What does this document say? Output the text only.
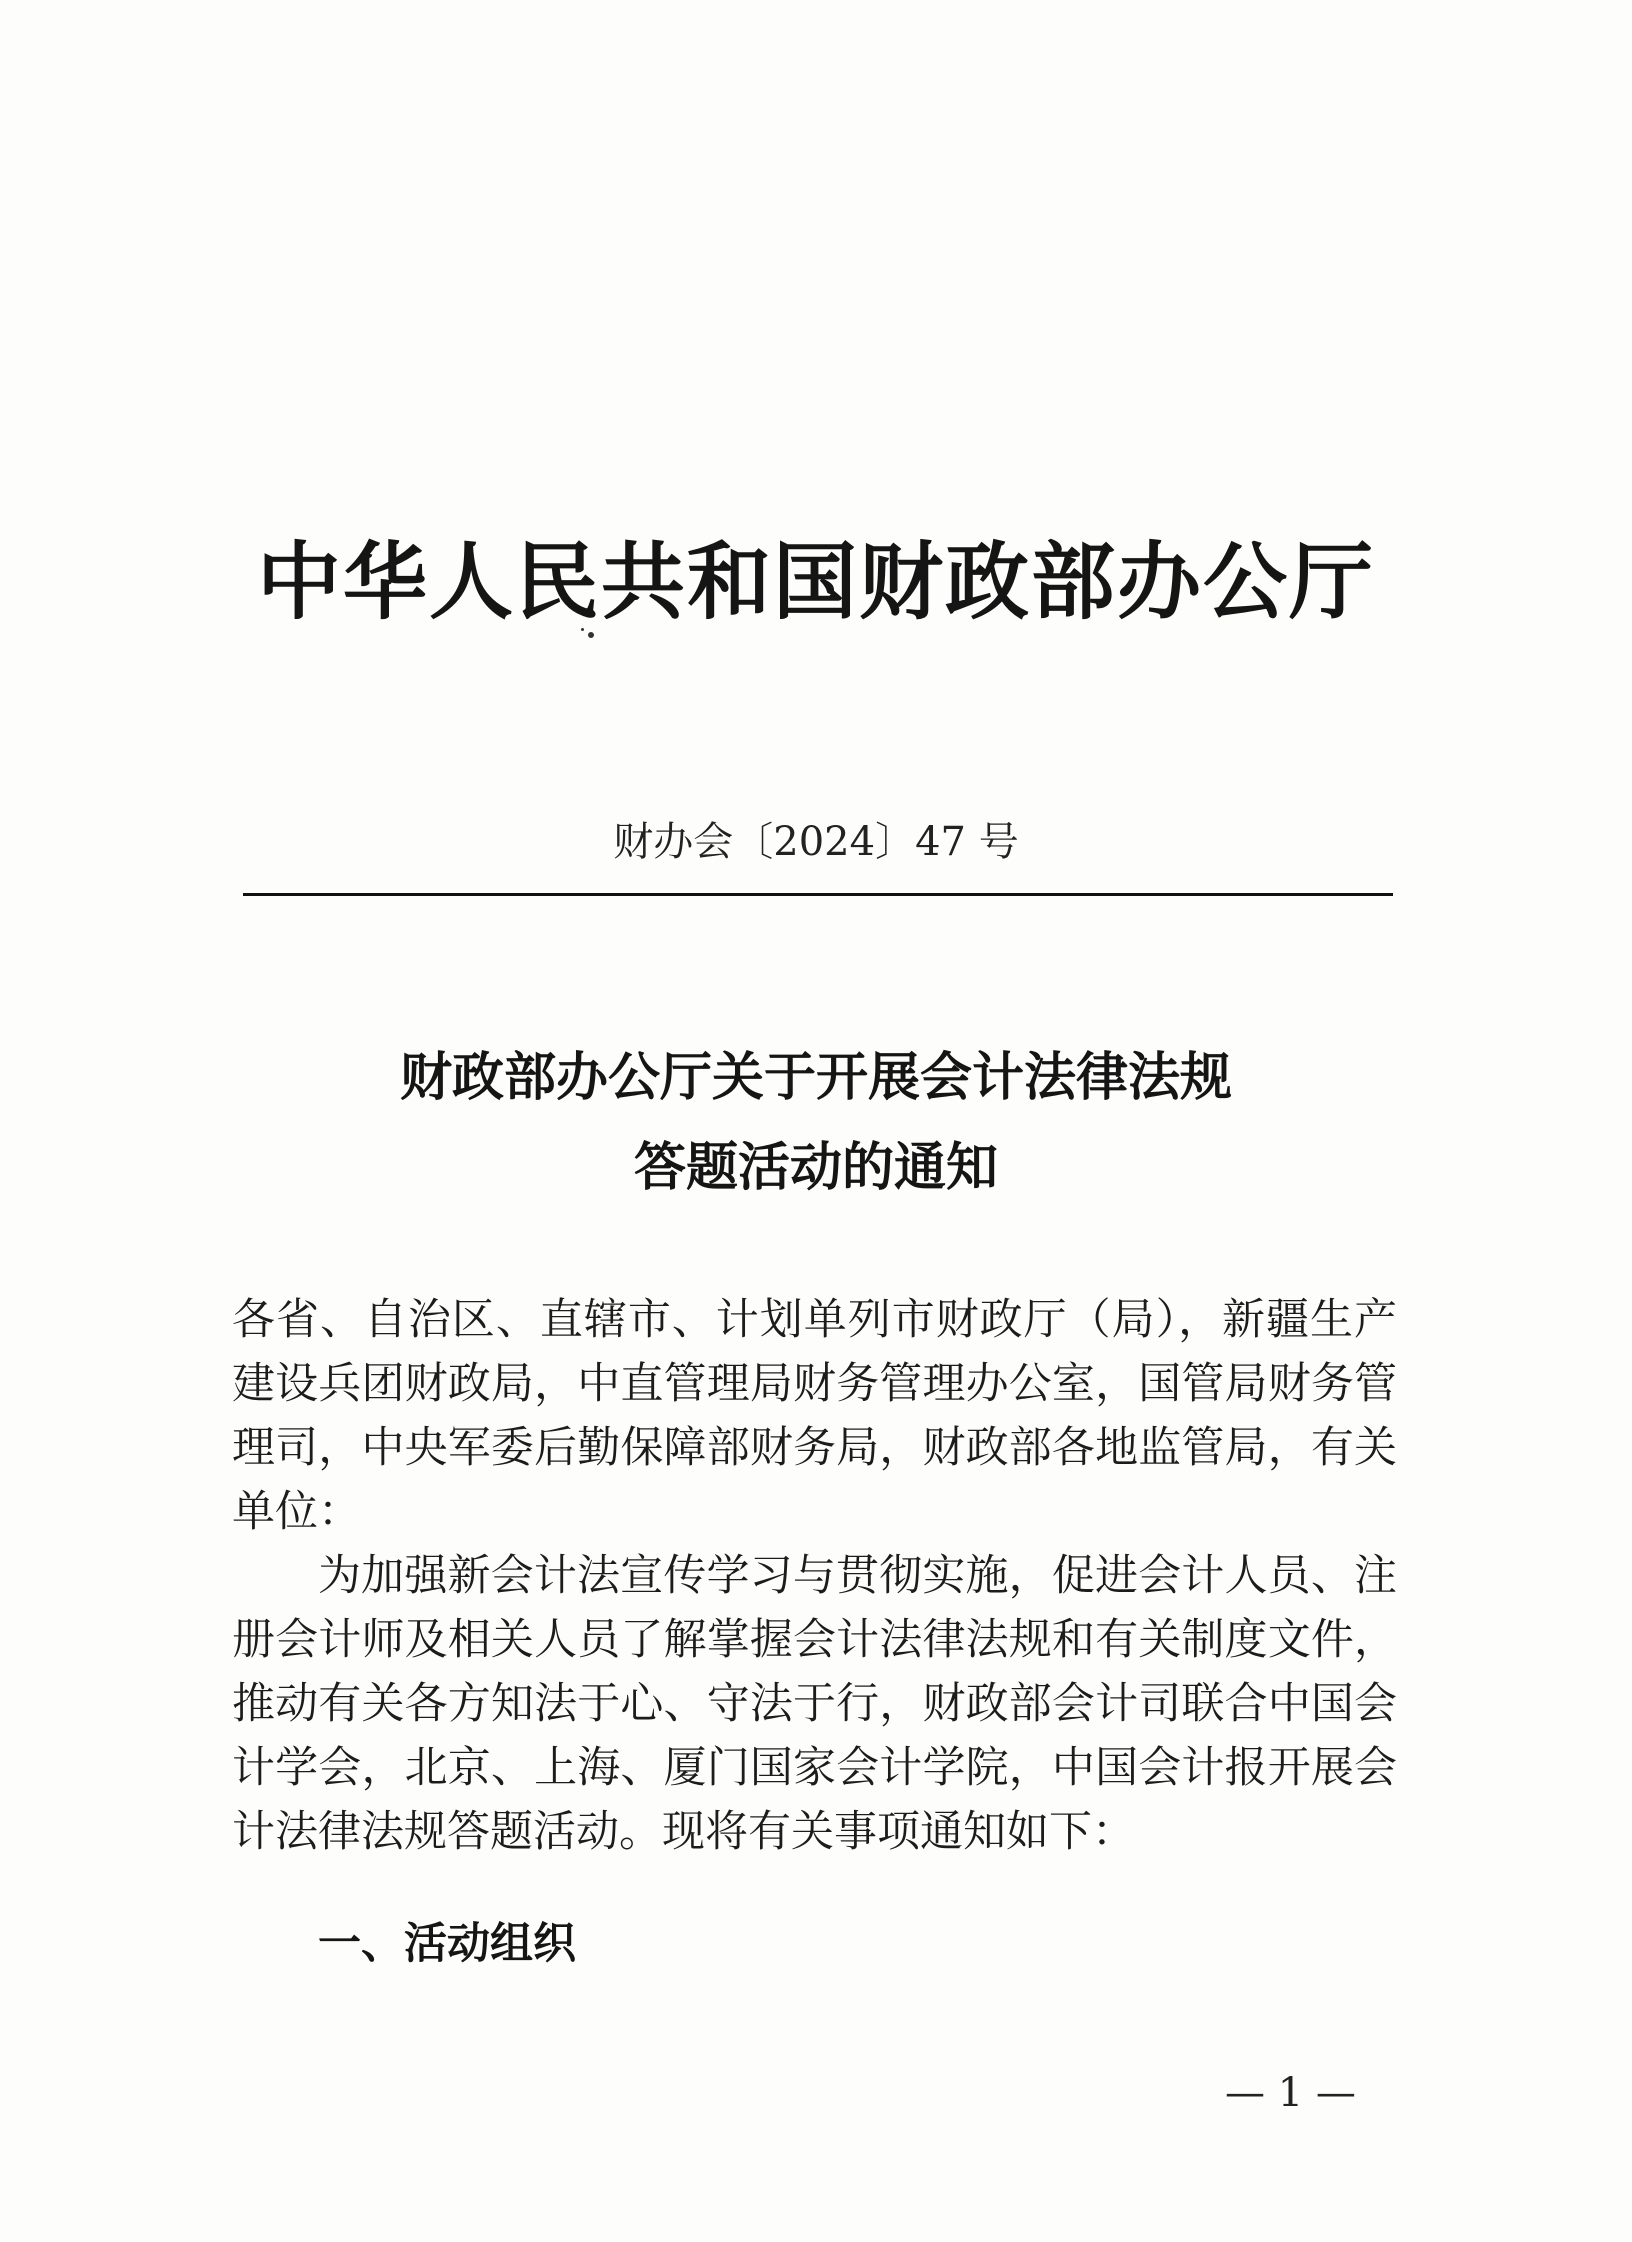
中华人民共和国财政部办公厅
财办会〔2024〕47 号
财政部办公厅关于开展会计法律法规
答题活动的通知

各省、自治区、直辖市、计划单列市财政厅（局），新疆生产建设兵团财政局，中直管理局财务管理办公室，国管局财务管理司，中央军委后勤保障部财务局，财政部各地监管局，有关单位：

为加强新会计法宣传学习与贯彻实施，促进会计人员、注册会计师及相关人员了解掌握会计法律法规和有关制度文件，推动有关各方知法于心、守法于行，财政部会计司联合中国会计学会，北京、上海、厦门国家会计学院，中国会计报开展会计法律法规答题活动。现将有关事项通知如下：

一、活动组织
— 1 —
